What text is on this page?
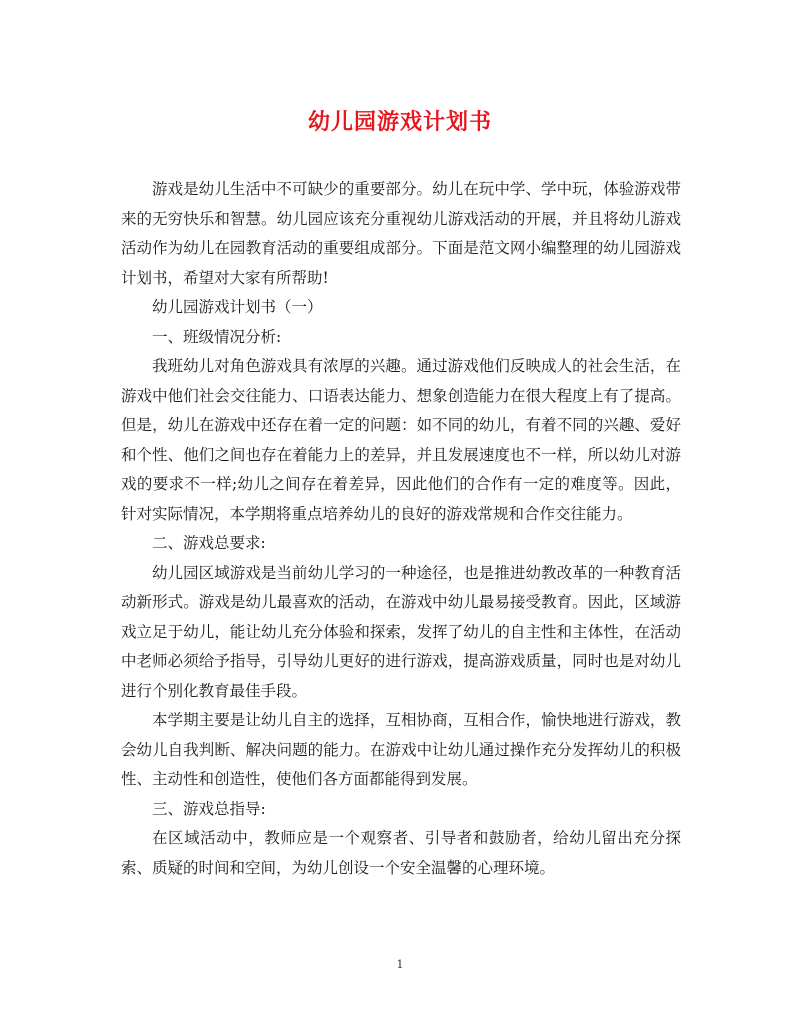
幼儿园游戏计划书

游戏是幼儿生活中不可缺少的重要部分。幼儿在玩中学、学中玩，体验游戏带来的无穷快乐和智慧。幼儿园应该充分重视幼儿游戏活动的开展，并且将幼儿游戏活动作为幼儿在园教育活动的重要组成部分。下面是范文网小编整理的幼儿园游戏计划书，希望对大家有所帮助!

幼儿园游戏计划书（一）

一、班级情况分析:

我班幼儿对角色游戏具有浓厚的兴趣。通过游戏他们反映成人的社会生活，在游戏中他们社会交往能力、口语表达能力、想象创造能力在很大程度上有了提高。但是，幼儿在游戏中还存在着一定的问题：如不同的幼儿，有着不同的兴趣、爱好和个性、他们之间也存在着能力上的差异，并且发展速度也不一样，所以幼儿对游戏的要求不一样;幼儿之间存在着差异，因此他们的合作有一定的难度等。因此，针对实际情况，本学期将重点培养幼儿的良好的游戏常规和合作交往能力。

二、游戏总要求:

幼儿园区域游戏是当前幼儿学习的一种途径，也是推进幼教改革的一种教育活动新形式。游戏是幼儿最喜欢的活动，在游戏中幼儿最易接受教育。因此，区域游戏立足于幼儿，能让幼儿充分体验和探索，发挥了幼儿的自主性和主体性，在活动中老师必须给予指导，引导幼儿更好的进行游戏，提高游戏质量，同时也是对幼儿进行个别化教育最佳手段。

本学期主要是让幼儿自主的选择，互相协商，互相合作，愉快地进行游戏，教会幼儿自我判断、解决问题的能力。在游戏中让幼儿通过操作充分发挥幼儿的积极性、主动性和创造性，使他们各方面都能得到发展。

三、游戏总指导:

在区域活动中，教师应是一个观察者、引导者和鼓励者，给幼儿留出充分探索、质疑的时间和空间，为幼儿创设一个安全温馨的心理环境。

1
